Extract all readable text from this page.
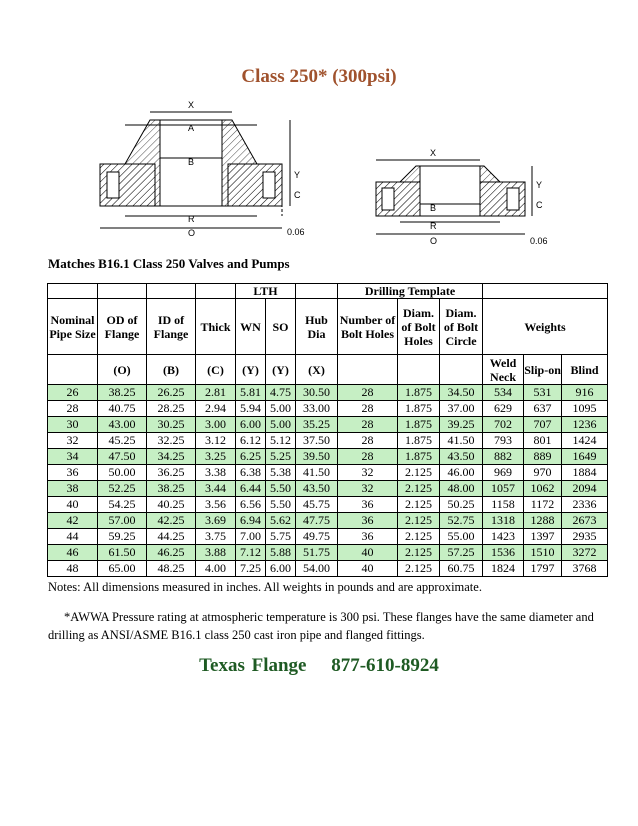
Class 250* (300psi)
X
A
B
Y
C
R
O	0.06
X
B
Y
C
R
O	0.06
Matches B16.1 Class 250 Valves and Pumps
				LTH			Drilling Template					
Nominal Pipe Size	OD of Flange	ID of Flange	Thick	WN	SO	Hub Dia	Number of Bolt Holes	Diam. of Bolt Holes	Diam. of Bolt Circle	Weights		
	(O)	(B)	(C)	(Y)	(Y)	(X)				Weld Neck	Slip-on	Blind
26	38.25	26.25	2.81	5.81	4.75	30.50	28	1.875	34.50	534	531	916
28	40.75	28.25	2.94	5.94	5.00	33.00	28	1.875	37.00	629	637	1095
30	43.00	30.25	3.00	6.00	5.00	35.25	28	1.875	39.25	702	707	1236
32	45.25	32.25	3.12	6.12	5.12	37.50	28	1.875	41.50	793	801	1424
34	47.50	34.25	3.25	6.25	5.25	39.50	28	1.875	43.50	882	889	1649
36	50.00	36.25	3.38	6.38	5.38	41.50	32	2.125	46.00	969	970	1884
38	52.25	38.25	3.44	6.44	5.50	43.50	32	2.125	48.00	1057	1062	2094
40	54.25	40.25	3.56	6.56	5.50	45.75	36	2.125	50.25	1158	1172	2336
42	57.00	42.25	3.69	6.94	5.62	47.75	36	2.125	52.75	1318	1288	2673
44	59.25	44.25	3.75	7.00	5.75	49.75	36	2.125	55.00	1423	1397	2935
46	61.50	46.25	3.88	7.12	5.88	51.75	40	2.125	57.25	1536	1510	3272
48	65.00	48.25	4.00	7.25	6.00	54.00	40	2.125	60.75	1824	1797	3768
Notes: All dimensions measured in inches. All weights in pounds and are approximate.
*AWWA Pressure rating at atmospheric temperature is 300 psi. These flanges have the same diameter and drilling as ANSI/ASME B16.1 class 250 cast iron pipe and flanged fittings.
Texas Flange 877-610-8924
